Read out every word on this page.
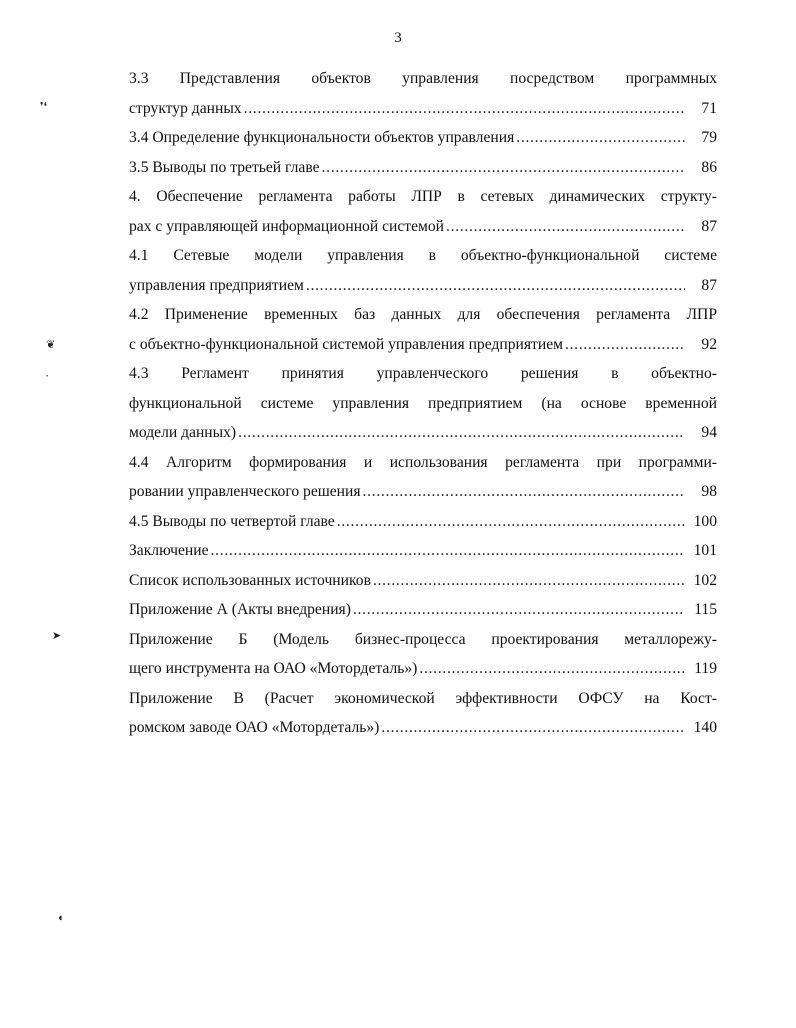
3
3.3 Представления объектов управления посредством программных
структур данных . . .	71
3.4 Определение функциональности объектов управления . . .	79
3.5 Выводы по третьей главе . . .	86
4. Обеспечение регламента работы ЛПР в сетевых динамических структу-
рах с управляющей информационной системой . . .	87
4.1 Сетевые модели управления в объектно-функциональной системе
управления предприятием . . .	87
4.2 Применение временных баз данных для обеспечения регламента ЛПР
с объектно-функциональной системой управления предприятием . . .	92
4.3 Регламент принятия управленческого решения в объектно-
функциональной системе управления предприятием (на основе временной
модели данных) . . .	94
4.4 Алгоритм формирования и использования регламента при программи-
ровании управленческого решения . . .	98
4.5 Выводы по четвертой главе . . .	100
Заключение . . .	101
Список использованных источников . . .	102
Приложение А (Акты внедрения) . . .	115
Приложение Б (Модель бизнес-процесса проектирования металлорежу-
щего инструмента на ОАО «Мотордеталь») . . .	119
Приложение В (Расчет экономической эффективности ОФСУ на Кост-
ромском заводе ОАО «Мотордеталь») . . .	140
❜❛
❦
•
➤
◖
